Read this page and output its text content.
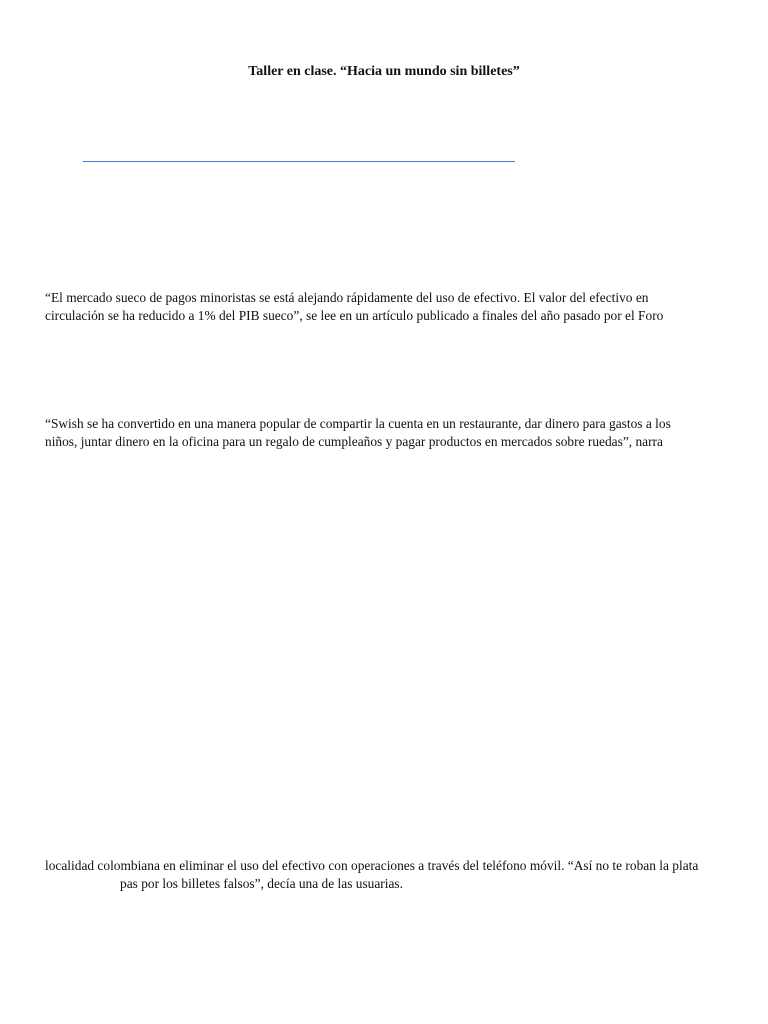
Taller en clase. “Hacia un mundo sin billetes”
“El mercado sueco de pagos minoristas se está alejando rápidamente del uso de efectivo. El valor del efectivo en
circulación se ha reducido a 1% del PIB sueco”, se lee en un artículo publicado a finales del año pasado por el Foro
“Swish se ha convertido en una manera popular de compartir la cuenta en un restaurante, dar dinero para gastos a los
niños, juntar dinero en la oficina para un regalo de cumpleaños y pagar productos en mercados sobre ruedas”, narra
localidad colombiana en eliminar el uso del efectivo con operaciones a través del teléfono móvil. “Así no te roban la plata
pas por los billetes falsos”, decía una de las usuarias.
